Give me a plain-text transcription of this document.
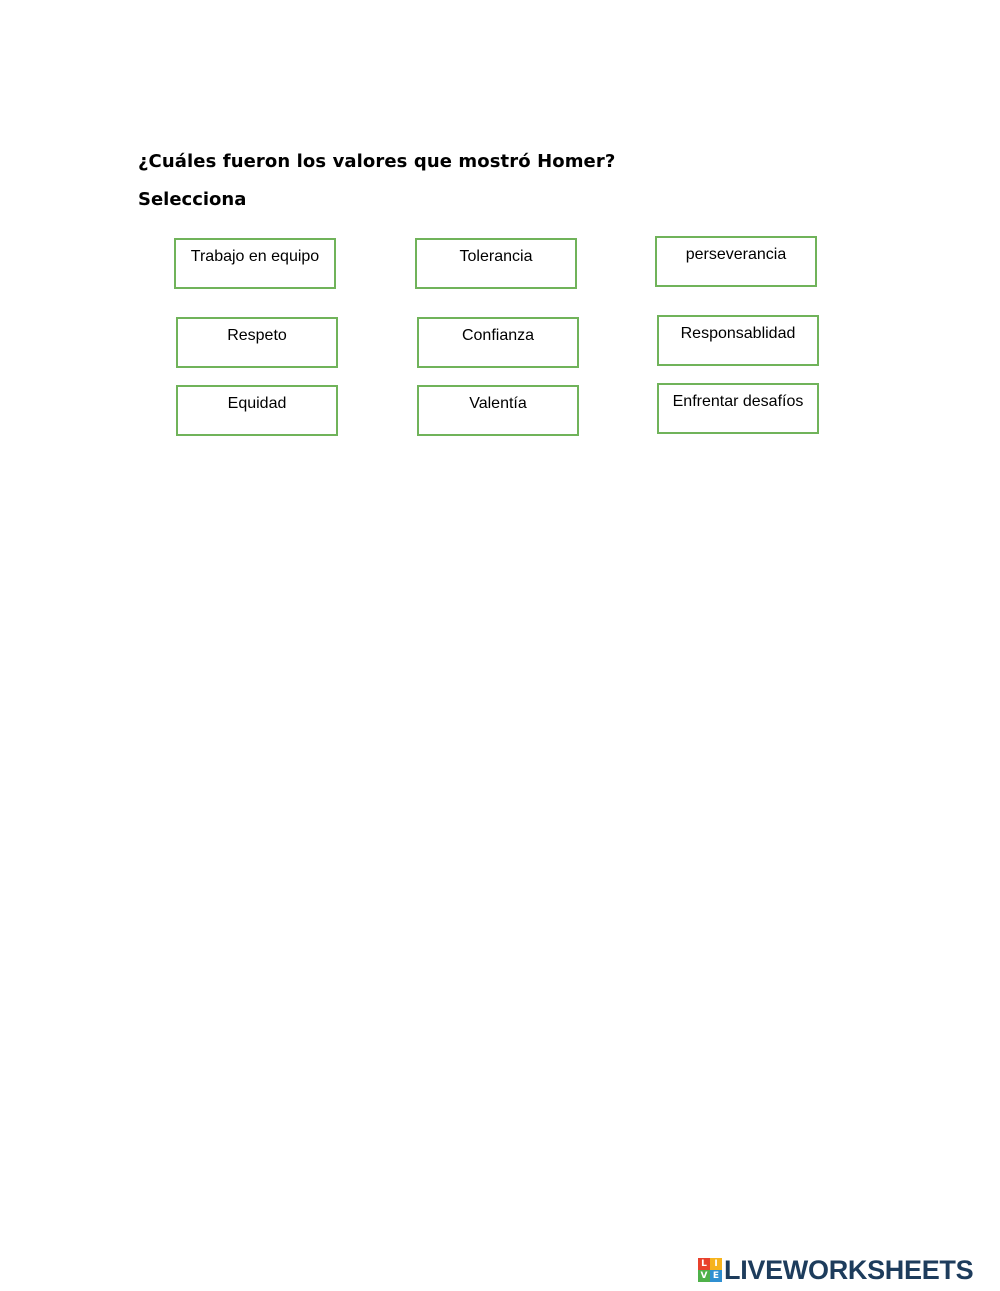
¿Cuáles fueron los valores que mostró Homer?
Selecciona
Trabajo en equipo	Tolerancia	perseverancia
Respeto	Confianza	Responsablidad
Equidad	Valentía	Enfrentar desafíos
L I
V E LIVEWORKSHEETS
